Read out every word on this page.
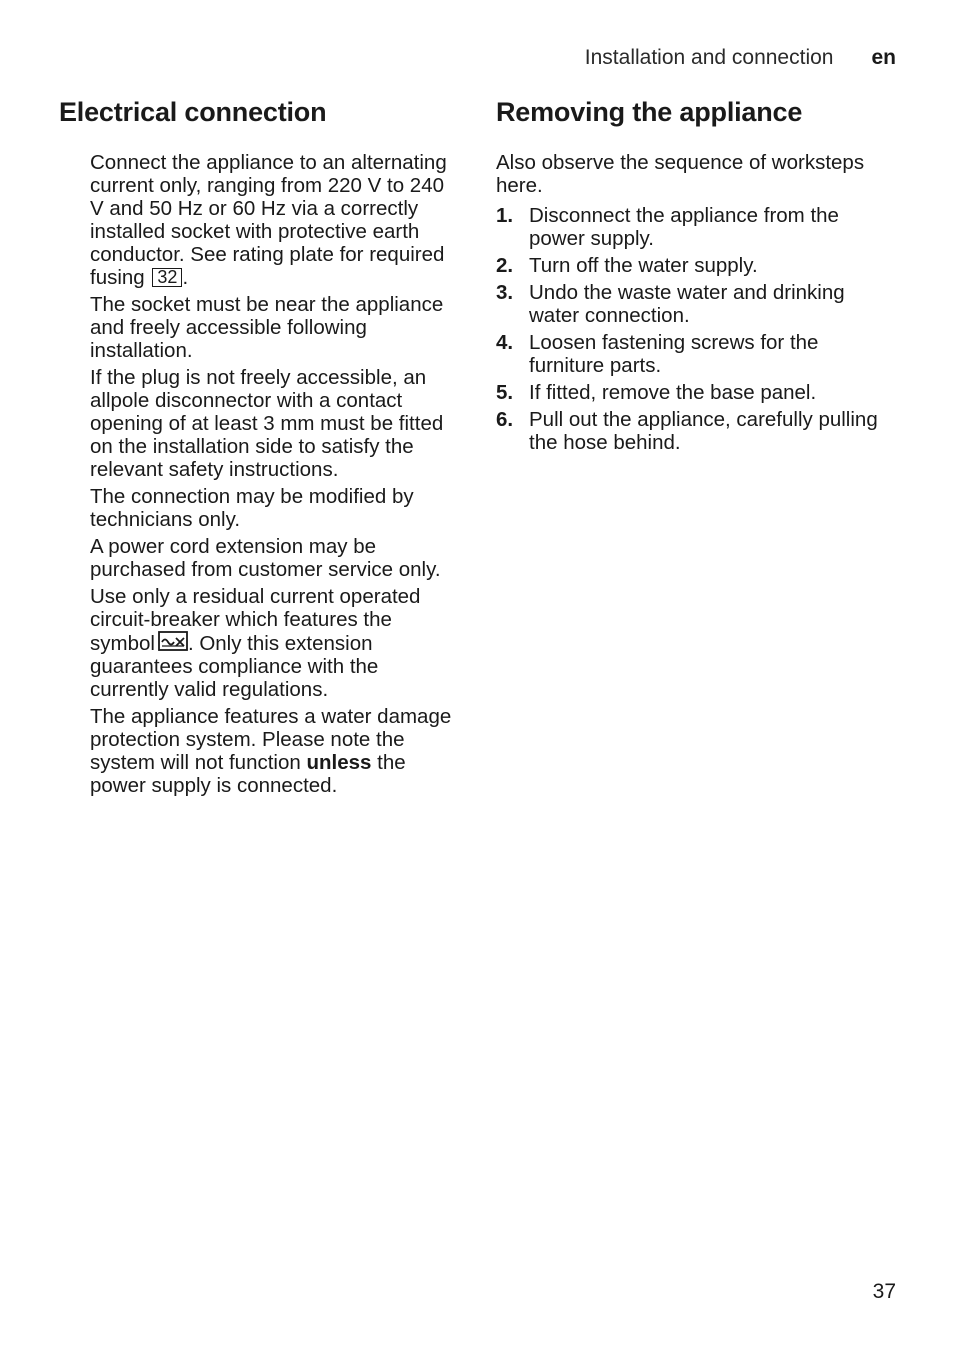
Installation and connection en
Electrical connection

Connect the appliance to an alternating current only, ranging from 220 V to 240 V and 50 Hz or 60 Hz via a correctly installed socket with protective earth conductor. See rating plate for required fusing 32 .

The socket must be near the appliance and freely accessible following installation.

If the plug is not freely accessible, an allpole disconnector with a contact opening of at least 3 mm must be fitted on the installation side to satisfy the relevant safety instructions.

The connection may be modified by technicians only.

A power cord extension may be purchased from customer service only.

Use only a residual current operated circuit-breaker which features the symbol . Only this extension guarantees compliance with the currently valid regulations.

The appliance features a water damage protection system. Please note the system will not function unless the power supply is connected.

Removing the appliance

Also observe the sequence of worksteps here.

1. Disconnect the appliance from the power supply.
2. Turn off the water supply.
3. Undo the waste water and drinking water connection.
4. Loosen fastening screws for the furniture parts.
5. If fitted, remove the base panel.
6. Pull out the appliance, carefully pulling the hose behind.
37
